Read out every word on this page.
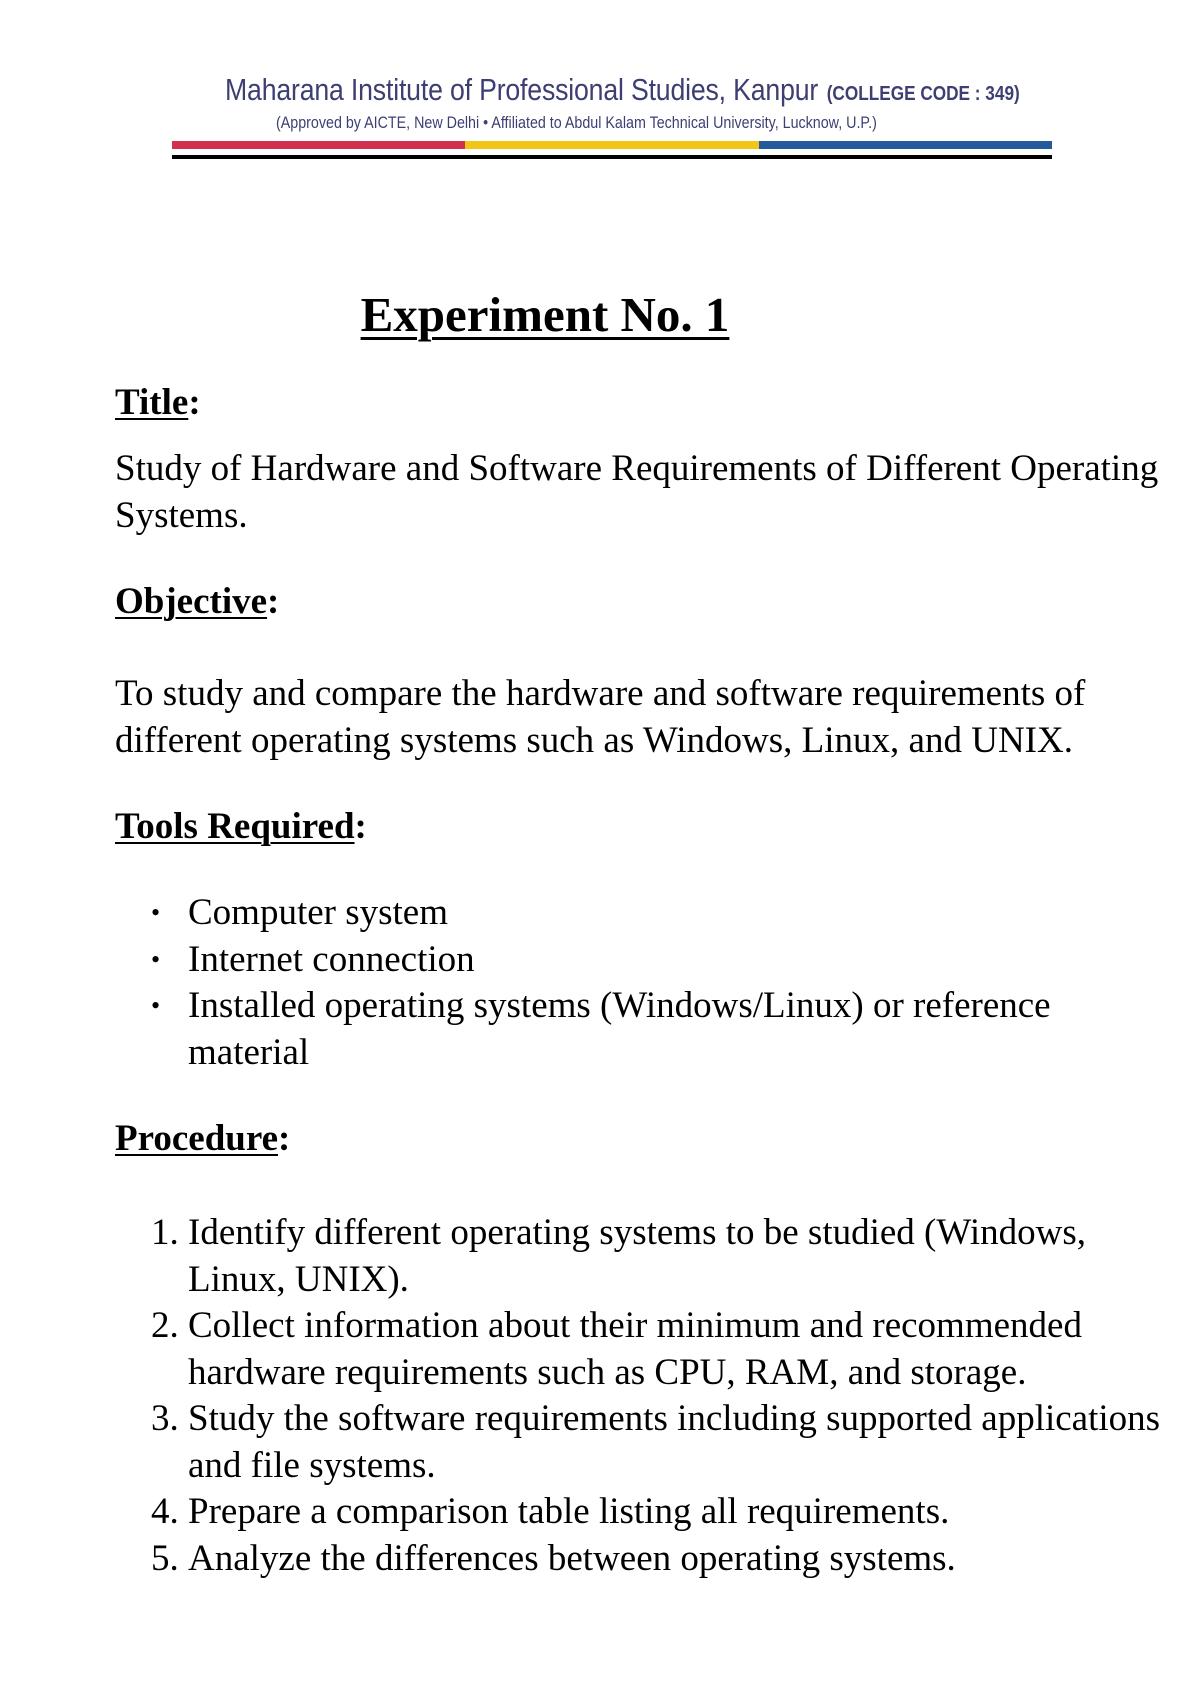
Maharana Institute of Professional Studies, Kanpur (COLLEGE CODE : 349)
(Approved by AICTE, New Delhi • Affiliated to Abdul Kalam Technical University, Lucknow, U.P.)
Experiment No. 1

Title:

Study of Hardware and Software Requirements of Different Operating Systems.

Objective:

To study and compare the hardware and software requirements of different operating systems such as Windows, Linux, and UNIX.

Tools Required:

• Computer system
• Internet connection
• Installed operating systems (Windows/Linux) or reference material

Procedure:

1. Identify different operating systems to be studied (Windows, Linux, UNIX).
2. Collect information about their minimum and recommended hardware requirements such as CPU, RAM, and storage.
3. Study the software requirements including supported applications and file systems.
4. Prepare a comparison table listing all requirements.
5. Analyze the differences between operating systems.
